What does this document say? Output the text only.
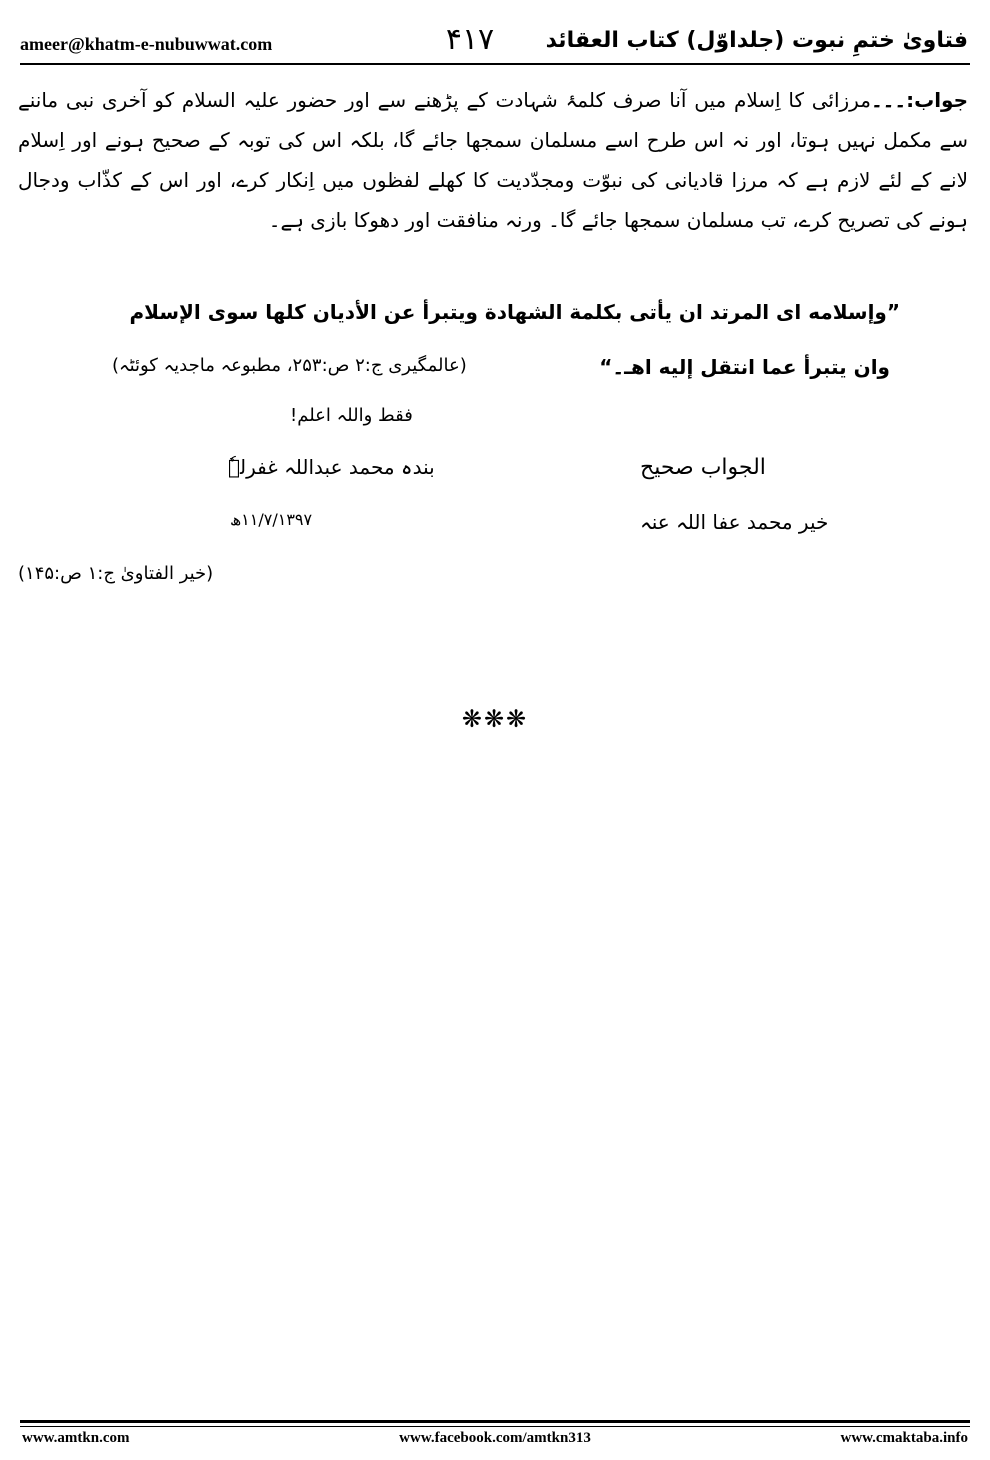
ameer@khatm-e-nubuwwat.com	۴۱۷	فتاویٰ ختمِ نبوت (جلداوّل) کتاب العقائد
جواب:۔۔۔مرزائی کا اِسلام میں آنا صرف کلمۂ شہادت کے پڑھنے سے اور حضور علیہ السلام کو آخری نبی ماننے سے مکمل نہیں ہوتا، اور نہ اس طرح اسے مسلمان سمجھا جائے گا، بلکہ اس کی توبہ کے صحیح ہونے اور اِسلام لانے کے لئے لازم ہے کہ مرزا قادیانی کی نبوّت ومجدّدیت کا کھلے لفظوں میں اِنکار کرے، اور اس کے کذّاب ودجال ہونے کی تصریح کرے، تب مسلمان سمجھا جائے گا۔ ورنہ منافقت اور دھوکا بازی ہے۔
”وإسلامه ای المرتد ان يأتی بكلمة الشهادة ويتبرأ عن الأديان كلها سوى الإسلام
وان يتبرأ عما انتقل إليه اهـ۔“
(عالمگیری ج:۲ ص:۲۵۳، مطبوعہ ماجدیہ کوئٹہ)
فقط واللہ اعلم!
بندہ محمد عبداللہ غفرلہٗ	الجواب صحیح
۱۱/۷/۱۳۹۷ھ	خیر محمد عفا اللہ عنہ
(خیر الفتاویٰ ج:۱ ص:۱۴۵)
❋❋❋
www.facebook.com/amtkn313
www.amtkn.com	www.cmaktaba.info
